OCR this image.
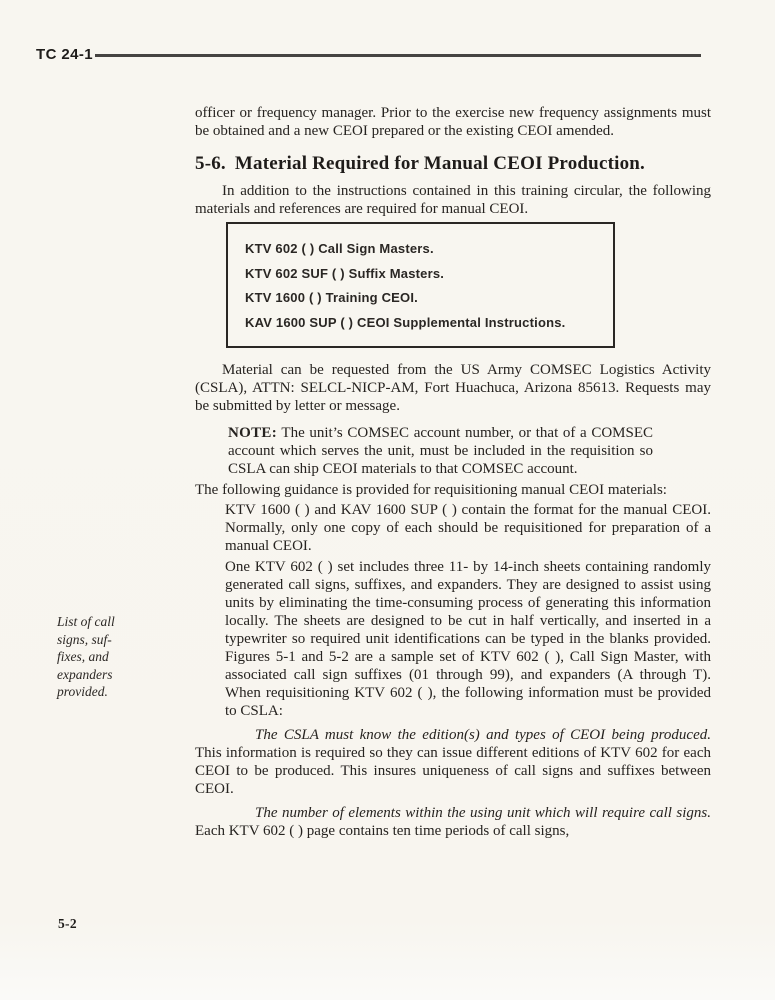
TC 24-1
List of call
signs, suf-
fixes, and
expanders
provided.

officer or frequency manager. Prior to the exercise new frequency assignments must be obtained and a new CEOI prepared or the existing CEOI amended.

5-6. Material Required for Manual CEOI Production.

In addition to the instructions contained in this training circular, the following materials and references are required for manual CEOI.

KTV 602 ( ) Call Sign Masters.
KTV 602 SUF ( ) Suffix Masters.
KTV 1600 ( ) Training CEOI.
KAV 1600 SUP ( ) CEOI Supplemental Instructions.

Material can be requested from the US Army COMSEC Logistics Activity (CSLA), ATTN: SELCL-NICP-AM, Fort Huachuca, Arizona 85613. Requests may be submitted by letter or message.

NOTE: The unit’s COMSEC account number, or that of a COMSEC account which serves the unit, must be included in the requisition so CSLA can ship CEOI materials to that COMSEC account.

The following guidance is provided for requisitioning manual CEOI materials:

KTV 1600 ( ) and KAV 1600 SUP ( ) contain the format for the manual CEOI. Normally, only one copy of each should be requisitioned for preparation of a manual CEOI.

One KTV 602 ( ) set includes three 11- by 14-inch sheets containing randomly generated call signs, suffixes, and expanders. They are designed to assist using units by eliminating the time-consuming process of generating this information locally. The sheets are designed to be cut in half vertically, and inserted in a typewriter so required unit identifications can be typed in the blanks provided. Figures 5-1 and 5-2 are a sample set of KTV 602 ( ), Call Sign Master, with associated call sign suffixes (01 through 99), and expanders (A through T). When requisitioning KTV 602 ( ), the following information must be provided to CSLA:

The CSLA must know the edition(s) and types of CEOI being produced. This information is required so they can issue different editions of KTV 602 for each CEOI to be produced. This insures uniqueness of call signs and suffixes between CEOI.

The number of elements within the using unit which will require call signs. Each KTV 602 ( ) page contains ten time periods of call signs,

5-2
